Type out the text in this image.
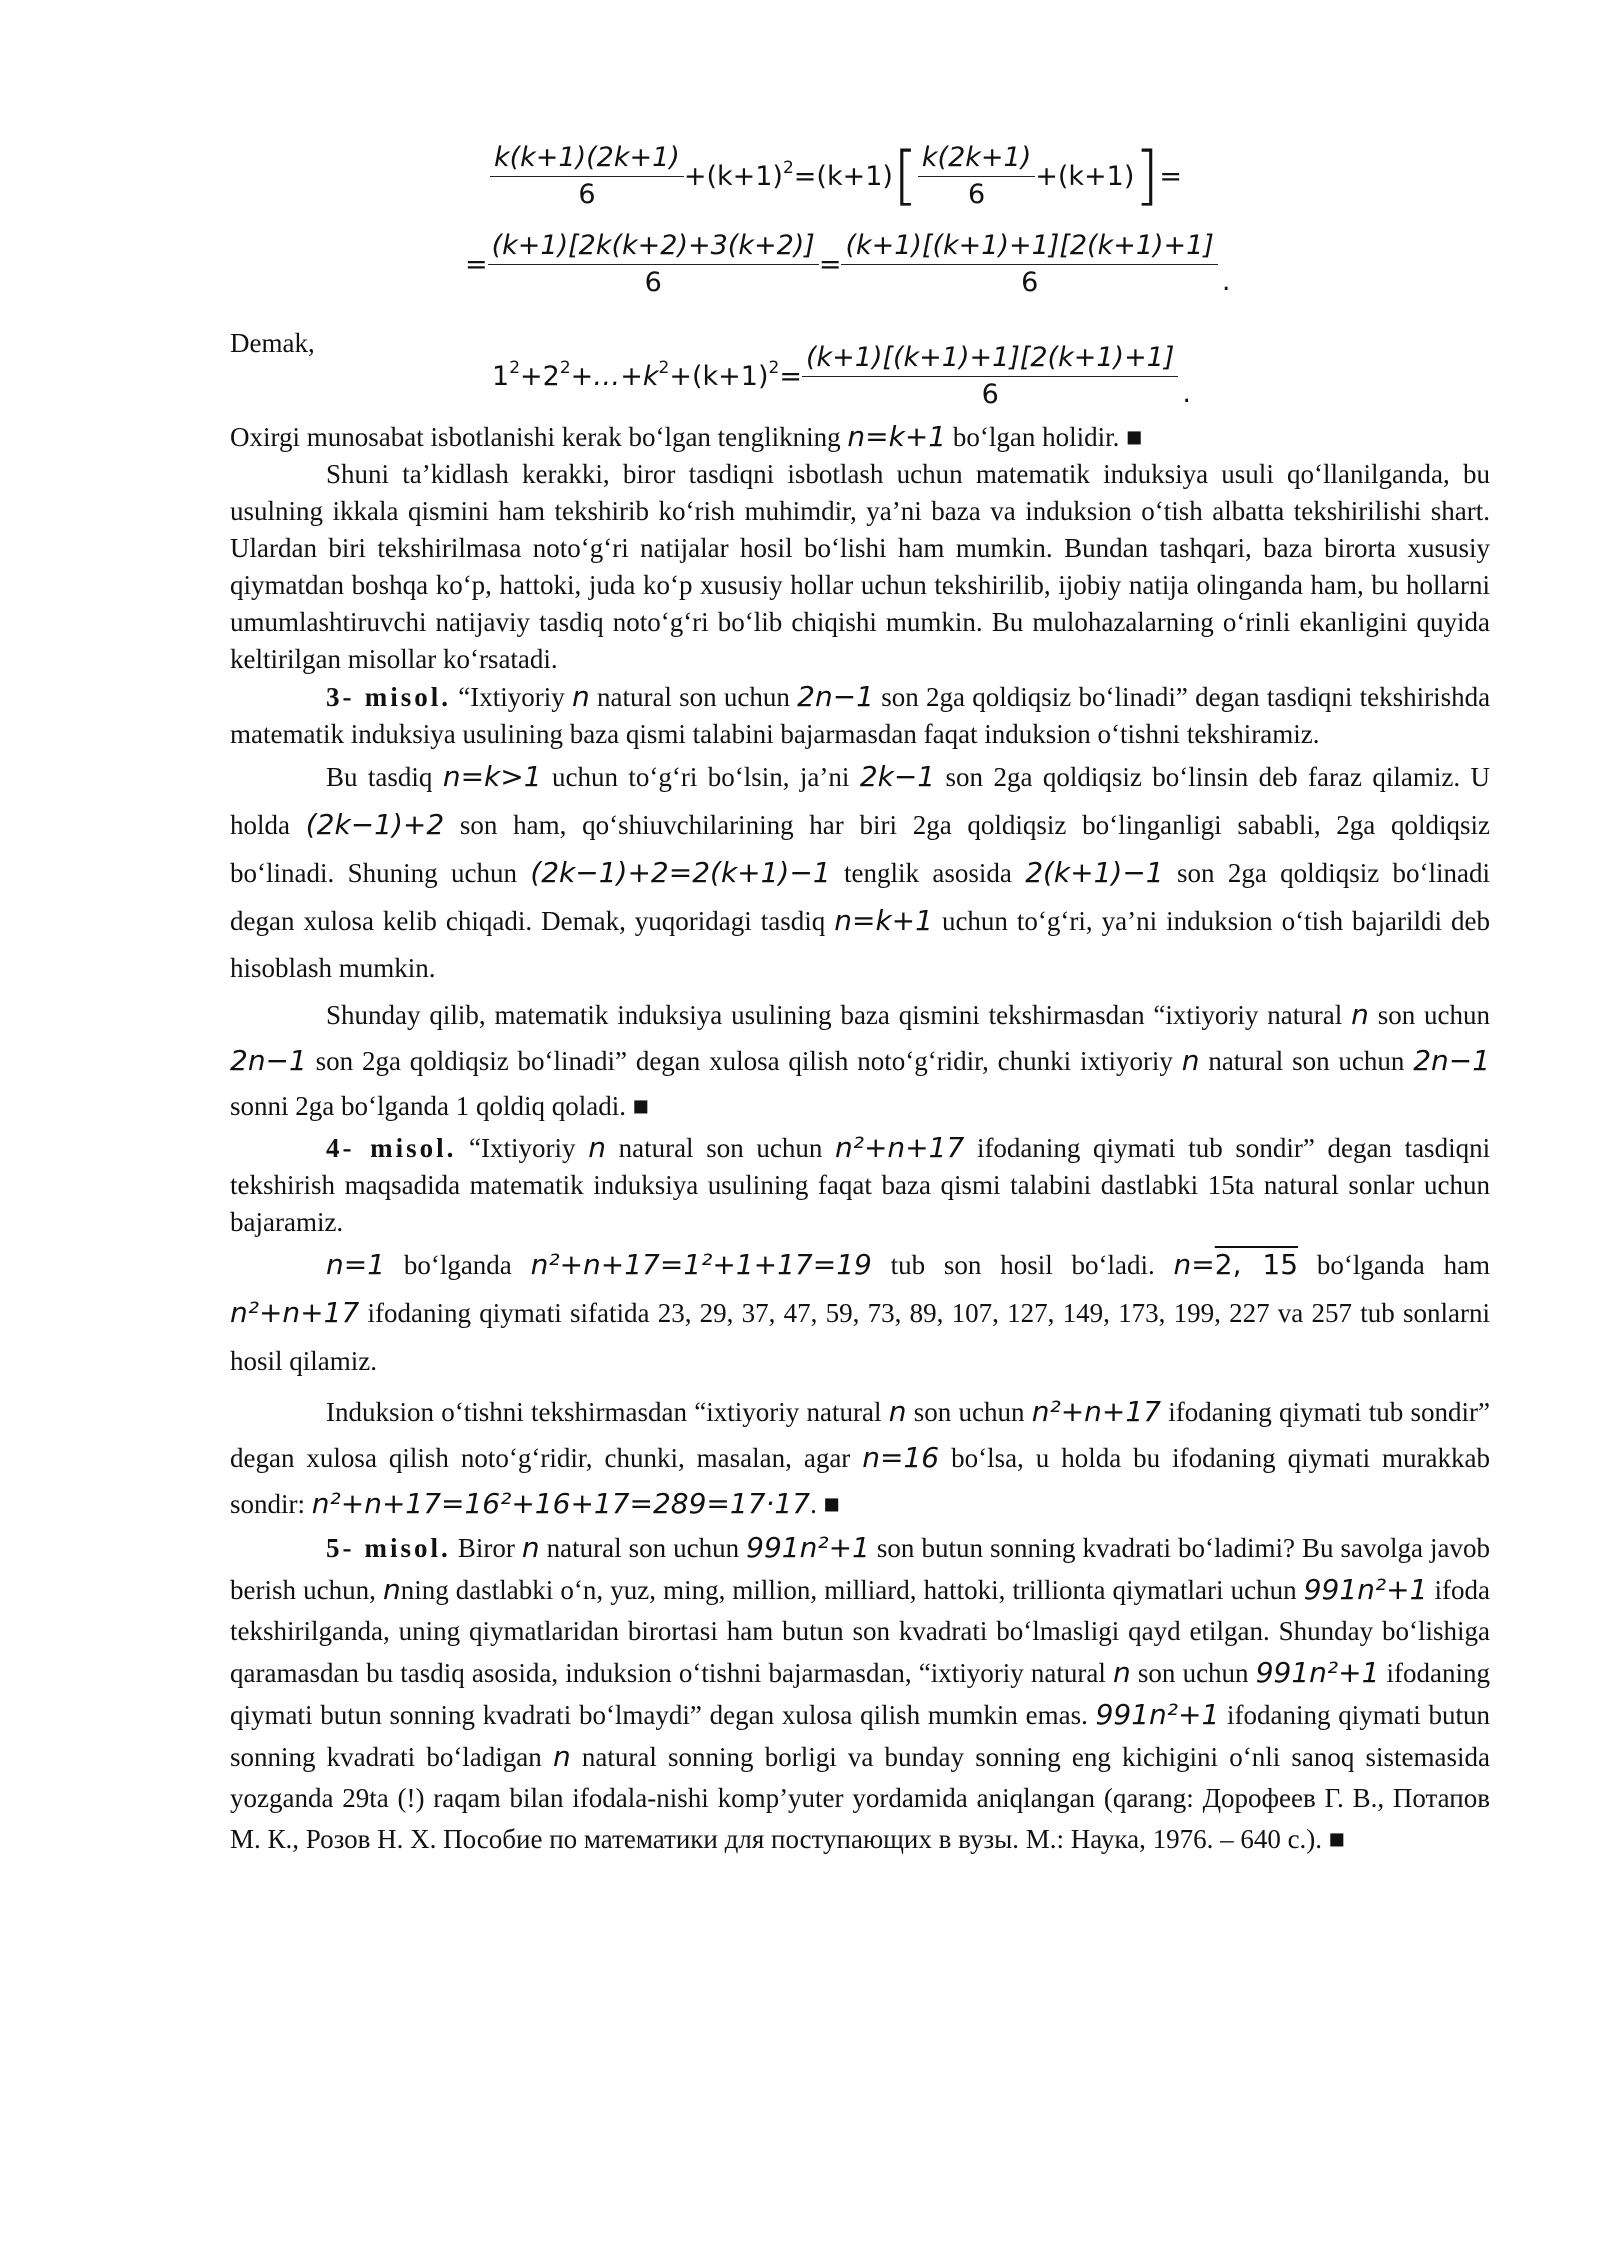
$\frac{k(k+1)(2k+1)}{6} +(k+1)^2=(k+1)[ \frac{k(2k+1)}{6} +(k+1)]=$
= $\frac{(k+1)[2k(k+2)+3(k+2)]}{6} = \frac{(k+1)[(k+1)+1][2(k+1)+1]}{6}$ .
Demak,
$1^2+2^2+\dots+k^2+(k+1)^2= \frac{(k+1)[(k+1)+1][2(k+1)+1]}{6}$ .

Oxirgi munosabat isbotlanishi kerak bo‘lgan tenglikning n=k+1 bo‘lgan holidir. ■

Shuni ta’kidlash kerakki, biror tasdiqni isbotlash uchun matematik induksiya usuli qo‘llanilganda, bu usulning ikkala qismini ham tekshirib ko‘rish muhimdir, ya’ni baza va induksion o‘tish albatta tekshirilishi shart. Ulardan biri tekshirilmasa noto‘g‘ri natijalar hosil bo‘lishi ham mumkin. Bundan tashqari, baza birorta xususiy qiymatdan boshqa ko‘p, hattoki, juda ko‘p xususiy hollar uchun tekshirilib, ijobiy natija olinganda ham, bu hollarni umumlashtiruvchi natijaviy tasdiq noto‘g‘ri bo‘lib chiqishi mumkin. Bu mulohazalarning o‘rinli ekanligini quyida keltirilgan misollar ko‘rsatadi.

3- misol. “Ixtiyoriy n natural son uchun 2n−1 son 2ga qoldiqsiz bo‘linadi” degan tasdiqni tekshirishda matematik induksiya usulining baza qismi talabini bajarmasdan faqat induksion o‘tishni tekshiramiz.

Bu tasdiq n=k>1 uchun to‘g‘ri bo‘lsin, ja’ni 2k−1 son 2ga qoldiqsiz bo‘linsin deb faraz qilamiz. U holda (2k−1)+2 son ham, qo‘shiuvchilarining har biri 2ga qoldiqsiz bo‘linganligi sababli, 2ga qoldiqsiz bo‘linadi. Shuning uchun (2k−1)+2=2(k+1)−1 tenglik asosida 2(k+1)−1 son 2ga qoldiqsiz bo‘linadi degan xulosa kelib chiqadi. Demak, yuqoridagi tasdiq n=k+1 uchun to‘g‘ri, ya’ni induksion o‘tish bajarildi deb hisoblash mumkin.

Shunday qilib, matematik induksiya usulining baza qismini tekshirmasdan “ixtiyoriy natural n son uchun 2n−1 son 2ga qoldiqsiz bo‘linadi” degan xulosa qilish noto‘g‘ridir, chunki ixtiyoriy n natural son uchun 2n−1 sonni 2ga bo‘lganda 1 qoldiq qoladi. ■

4- misol. “Ixtiyoriy n natural son uchun n²+n+17 ifodaning qiymati tub sondir” degan tasdiqni tekshirish maqsadida matematik induksiya usulining faqat baza qismi talabini dastlabki 15ta natural sonlar uchun bajaramiz.

n=1 bo‘lganda n²+n+17=1²+1+17=19 tub son hosil bo‘ladi. n=2, 15 bo‘lganda ham n²+n+17 ifodaning qiymati sifatida 23, 29, 37, 47, 59, 73, 89, 107, 127, 149, 173, 199, 227 va 257 tub sonlarni hosil qilamiz.

Induksion o‘tishni tekshirmasdan “ixtiyoriy natural n son uchun n²+n+17 ifodaning qiymati tub sondir” degan xulosa qilish noto‘g‘ridir, chunki, masalan, agar n=16 bo‘lsa, u holda bu ifodaning qiymati murakkab sondir: n²+n+17=16²+16+17=289=17·17. ■

5- misol. Biror n natural son uchun 991n²+1 son butun sonning kvadrati bo‘ladimi? Bu savolga javob berish uchun, nning dastlabki o‘n, yuz, ming, million, milliard, hattoki, trillionta qiymatlari uchun 991n²+1 ifoda tekshirilganda, uning qiymatlaridan birortasi ham butun son kvadrati bo‘lmasligi qayd etilgan. Shunday bo‘lishiga qaramasdan bu tasdiq asosida, induksion o‘tishni bajarmasdan, “ixtiyoriy natural n son uchun 991n²+1 ifodaning qiymati butun sonning kvadrati bo‘lmaydi” degan xulosa qilish mumkin emas. 991n²+1 ifodaning qiymati butun sonning kvadrati bo‘ladigan n natural sonning borligi va bunday sonning eng kichigini o‘nli sanoq sistemasida yozganda 29ta (!) raqam bilan ifodala-nishi komp’yuter yordamida aniqlangan (qarang: Дорофеев Г. В., Потапов М. К., Розов Н. Х. Пособие по математики для поступающих в вузы. М.: Наука, 1976. – 640 с.). ■
